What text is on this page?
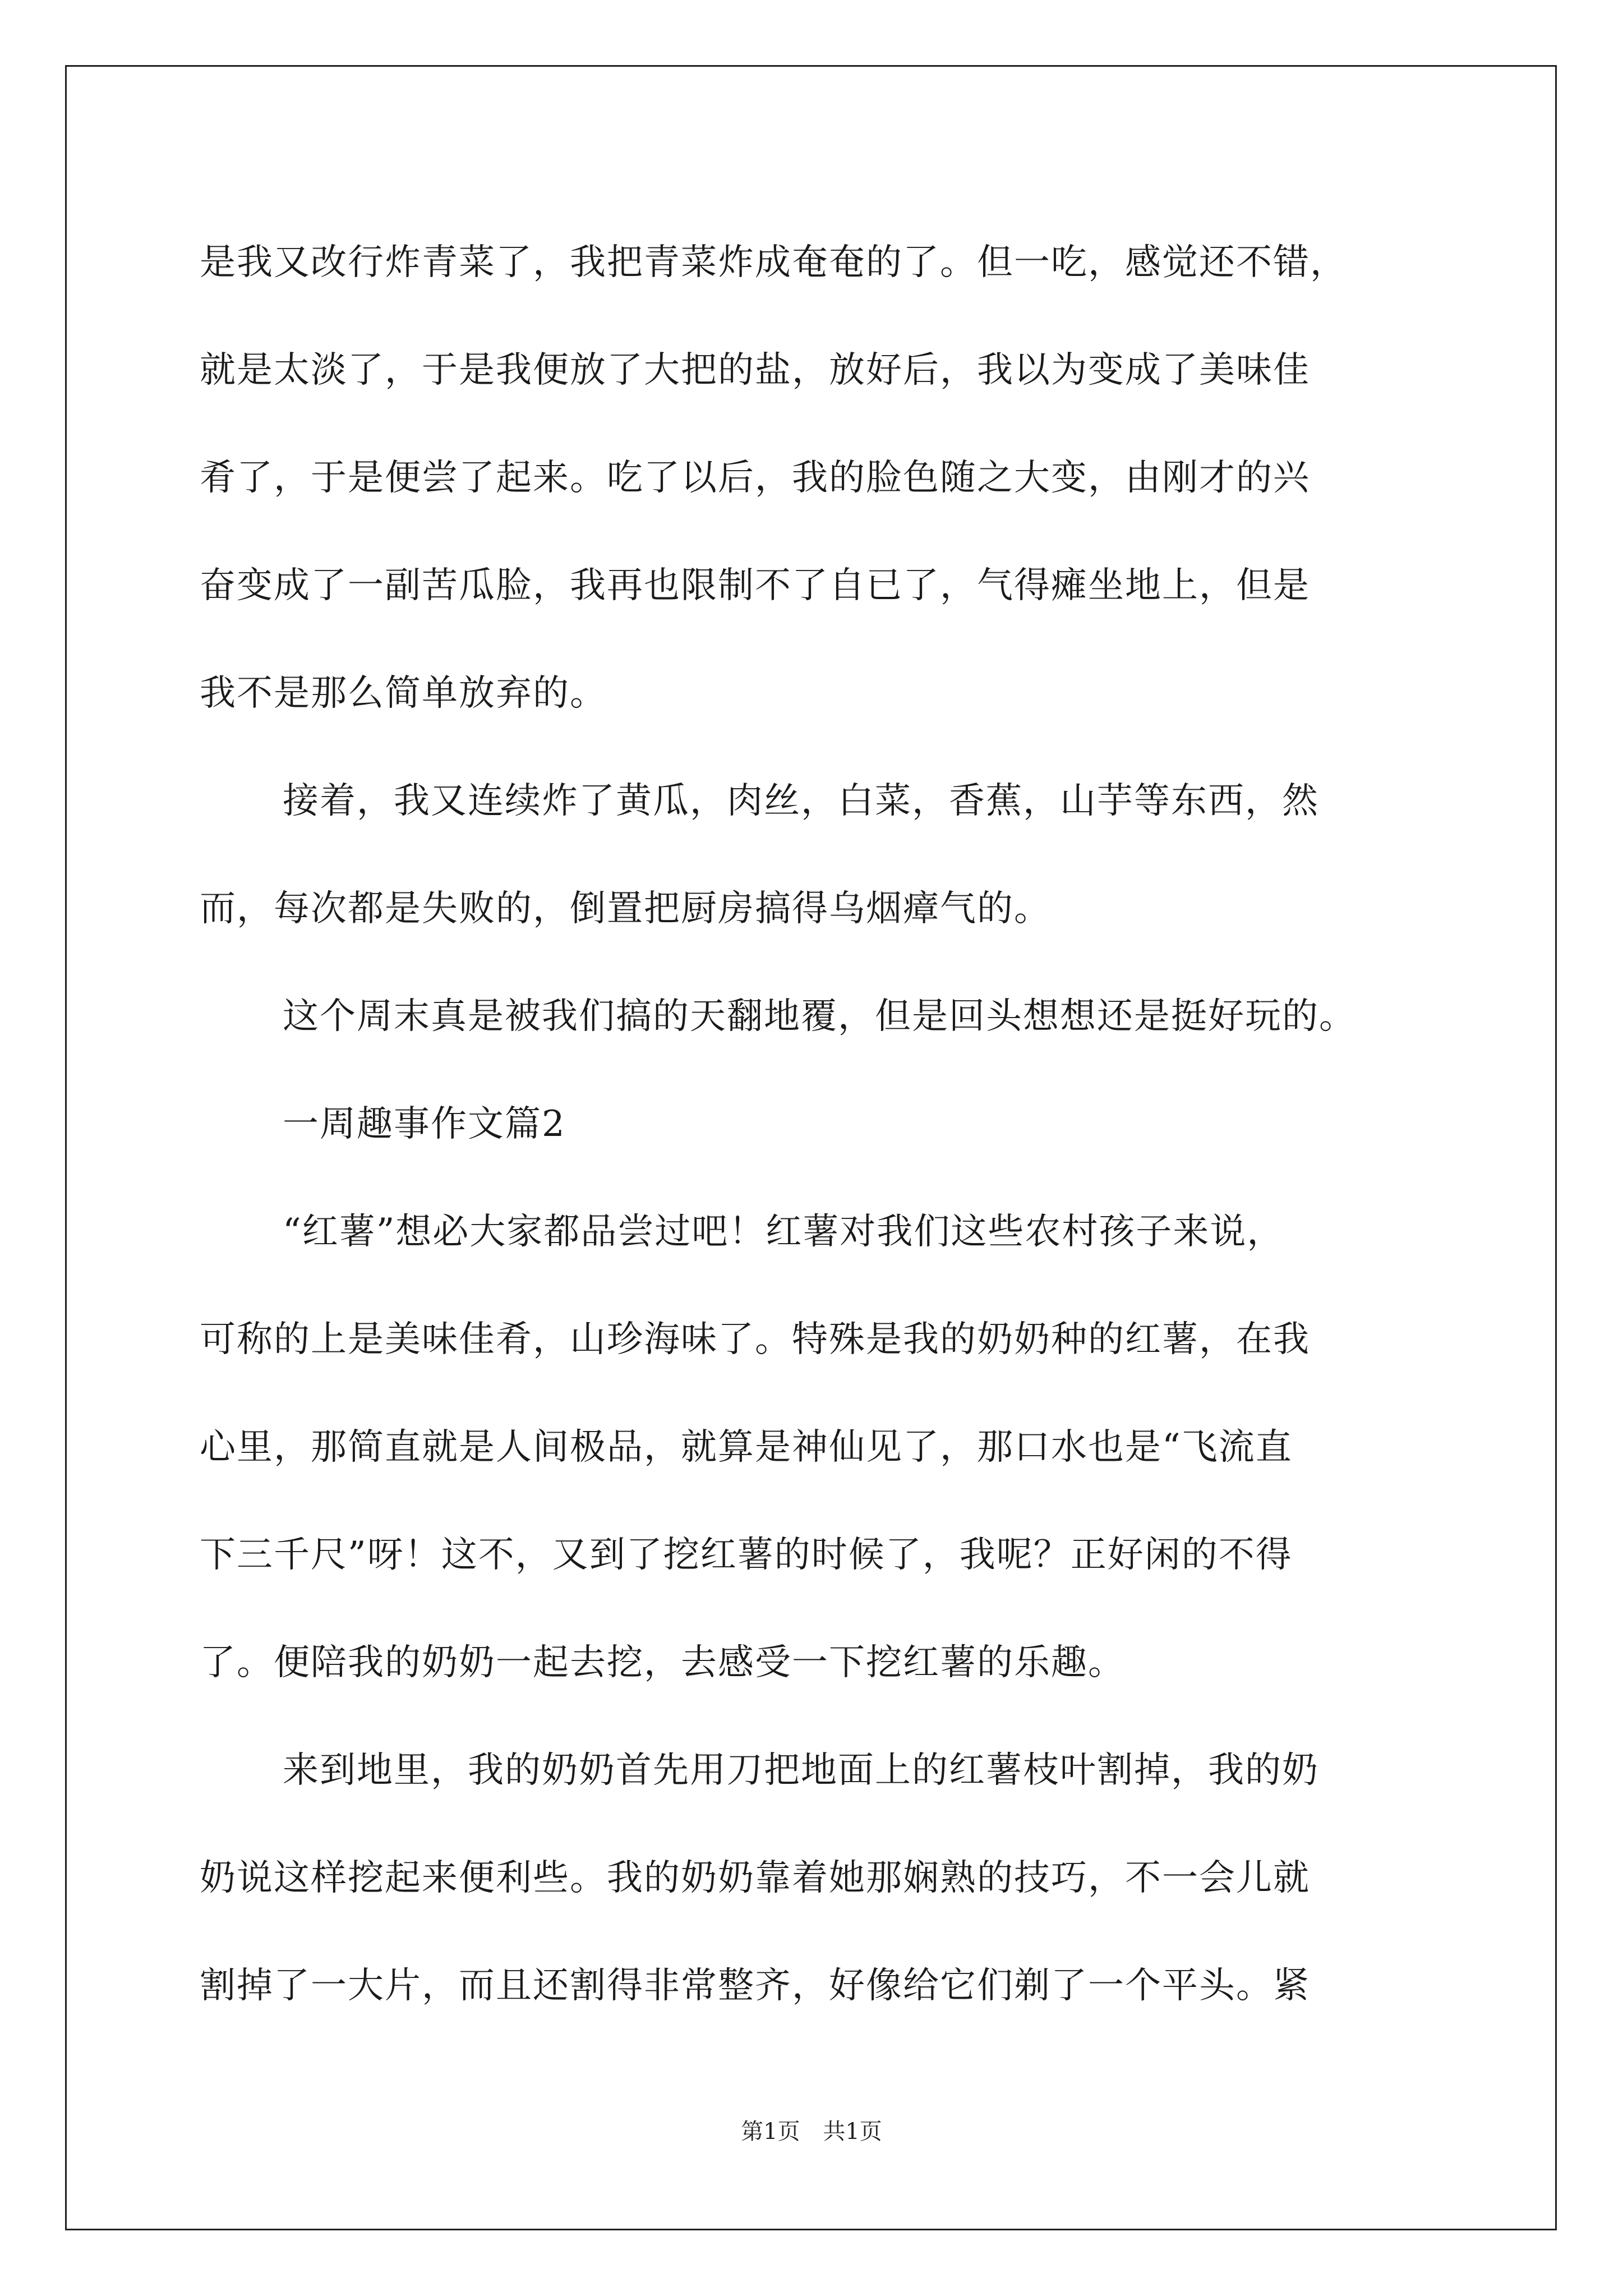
是我又改行炸青菜了，我把青菜炸成奄奄的了。但一吃，感觉还不错，
就是太淡了，于是我便放了大把的盐，放好后，我以为变成了美味佳
肴了，于是便尝了起来。吃了以后，我的脸色随之大变，由刚才的兴
奋变成了一副苦瓜脸，我再也限制不了自已了，气得瘫坐地上，但是
我不是那么简单放弃的。
接着，我又连续炸了黄瓜，肉丝，白菜，香蕉，山芋等东西，然
而，每次都是失败的，倒置把厨房搞得乌烟瘴气的。
这个周末真是被我们搞的天翻地覆，但是回头想想还是挺好玩的。
一周趣事作文篇2
“红薯”想必大家都品尝过吧！红薯对我们这些农村孩子来说，
可称的上是美味佳肴，山珍海味了。特殊是我的奶奶种的红薯，在我
心里，那简直就是人间极品，就算是神仙见了，那口水也是“飞流直
下三千尺”呀！这不，又到了挖红薯的时候了，我呢？正好闲的不得
了。便陪我的奶奶一起去挖，去感受一下挖红薯的乐趣。
来到地里，我的奶奶首先用刀把地面上的红薯枝叶割掉，我的奶
奶说这样挖起来便利些。我的奶奶靠着她那娴熟的技巧，不一会儿就
割掉了一大片，而且还割得非常整齐，好像给它们剃了一个平头。紧
第1页 共1页
